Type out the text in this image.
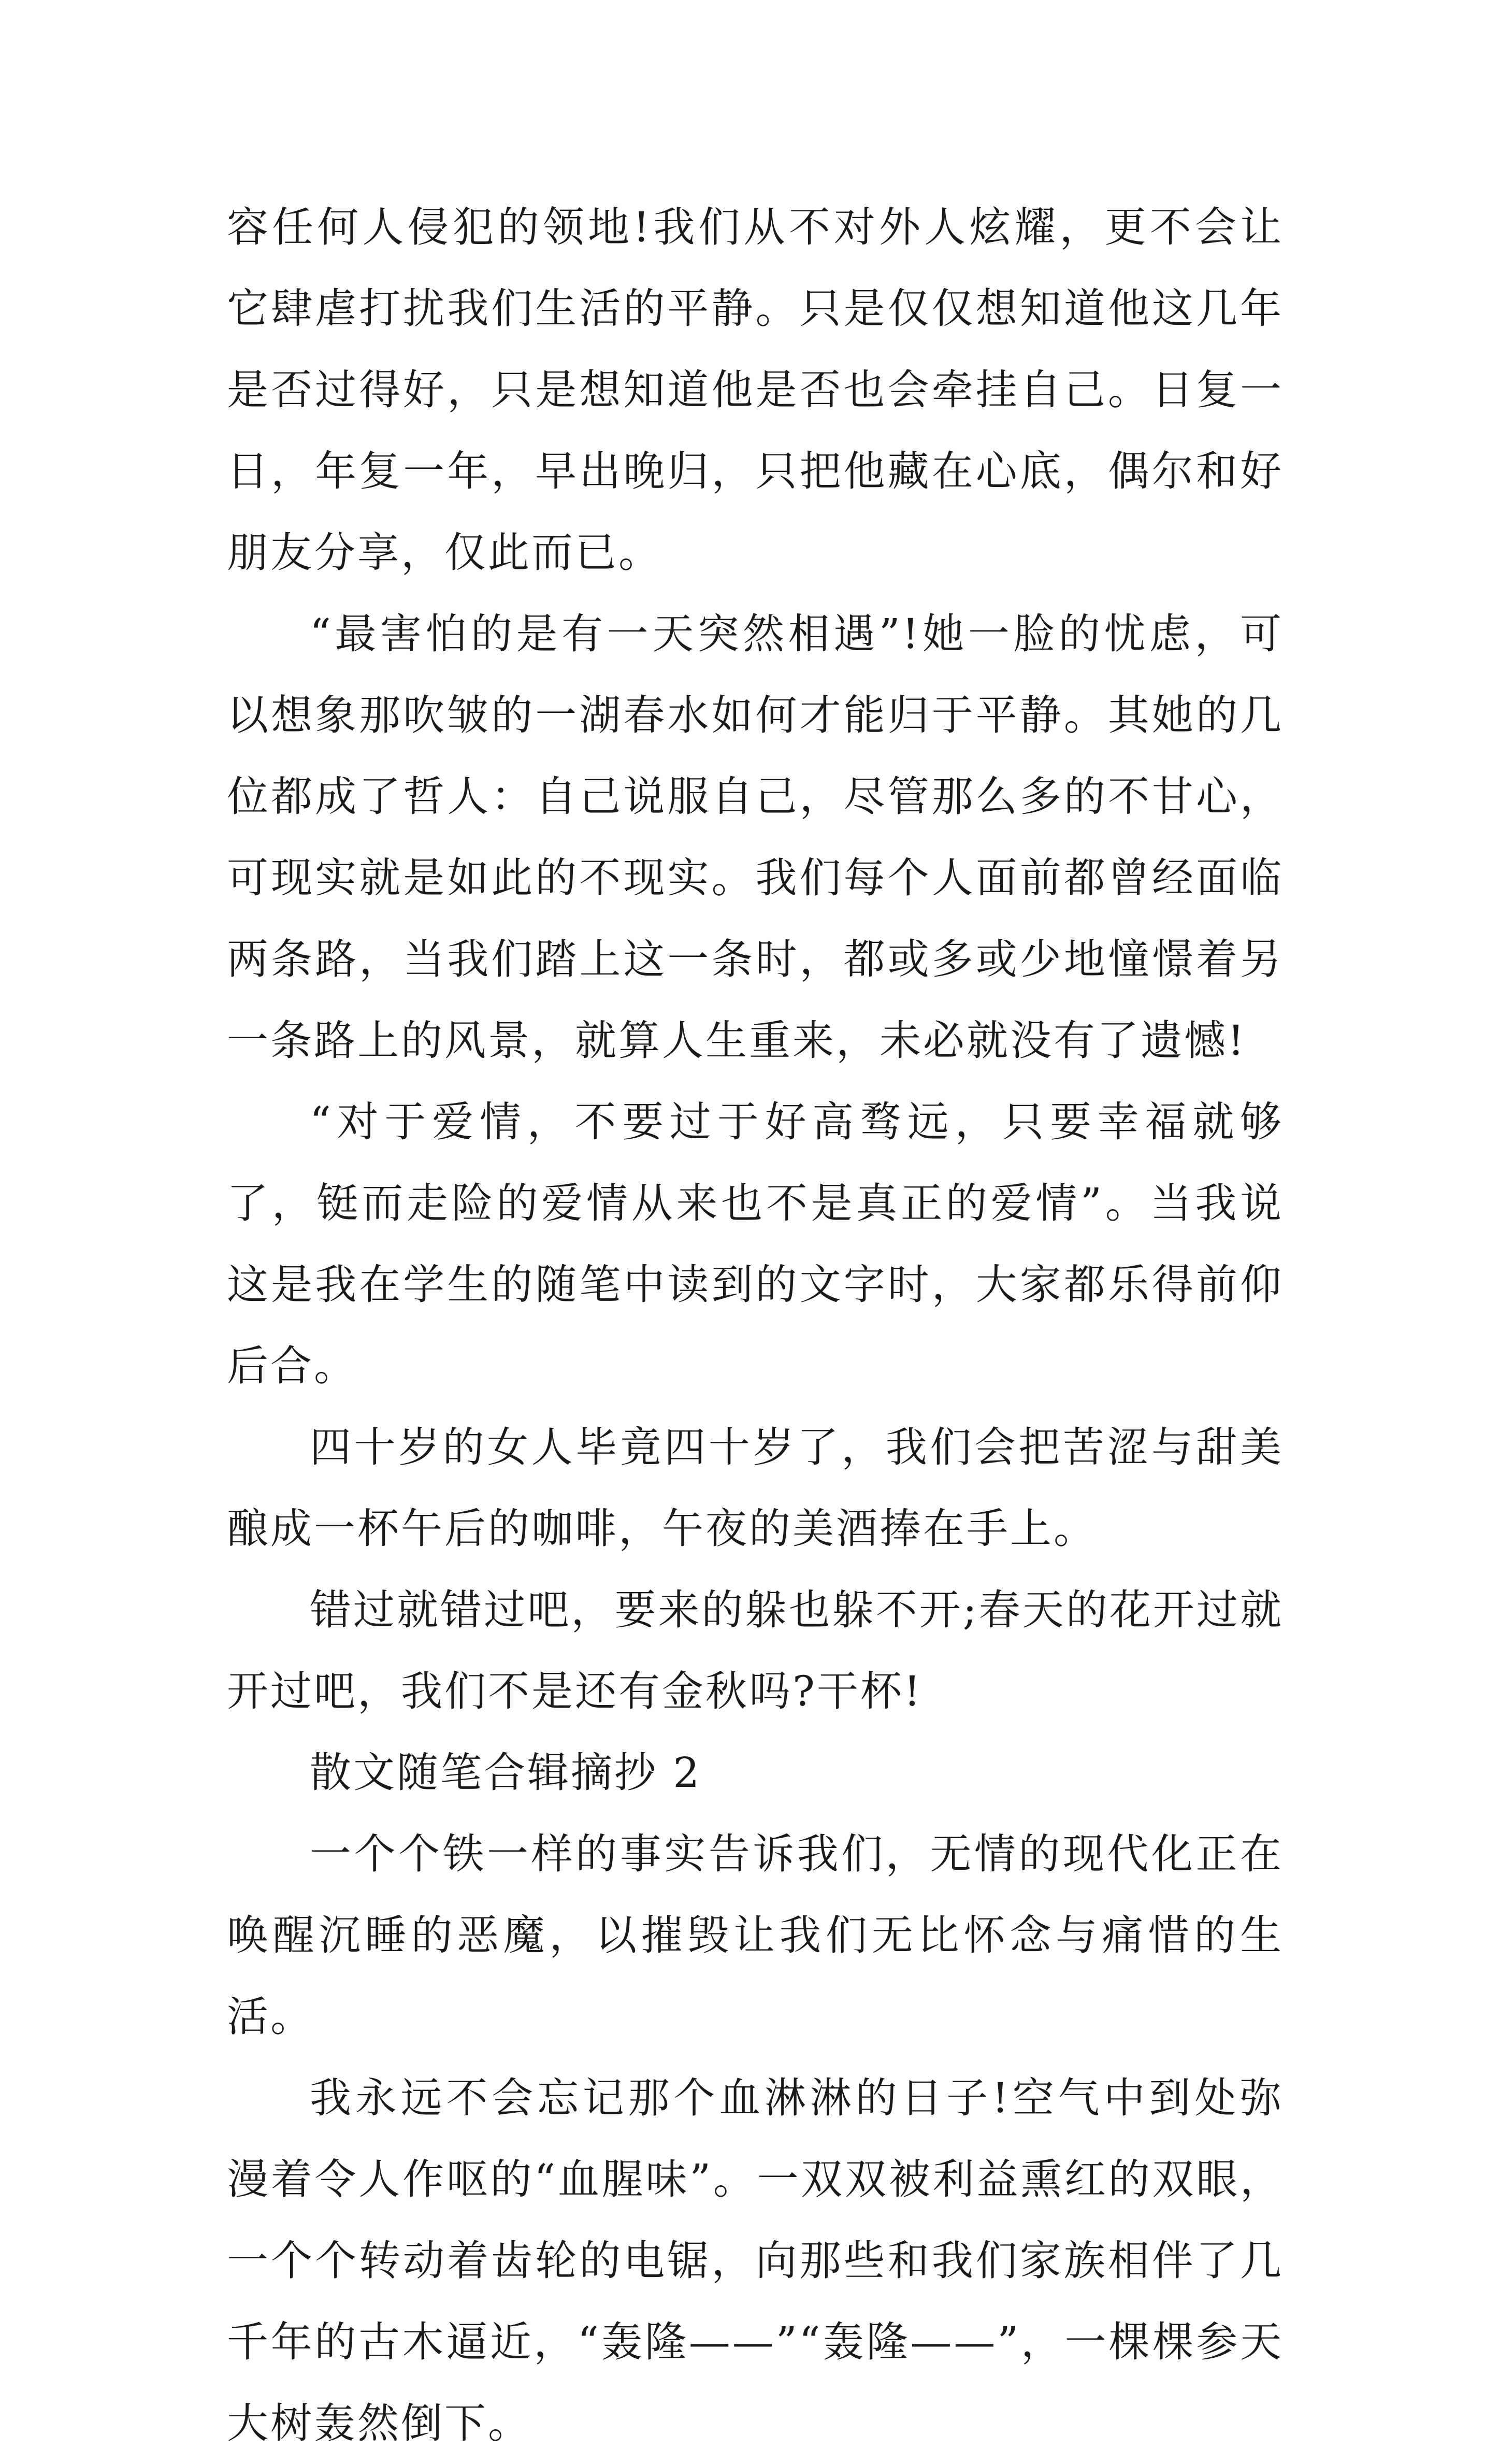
容任何人侵犯的领地!我们从不对外人炫耀，更不会让它肆虐打扰我们生活的平静。只是仅仅想知道他这几年是否过得好，只是想知道他是否也会牵挂自己。日复一日，年复一年，早出晚归，只把他藏在心底，偶尔和好朋友分享，仅此而已。

“最害怕的是有一天突然相遇”!她一脸的忧虑，可以想象那吹皱的一湖春水如何才能归于平静。其她的几位都成了哲人：自己说服自己，尽管那么多的不甘心，可现实就是如此的不现实。我们每个人面前都曾经面临两条路，当我们踏上这一条时，都或多或少地憧憬着另一条路上的风景，就算人生重来，未必就没有了遗憾!

“对于爱情，不要过于好高骛远，只要幸福就够了，铤而走险的爱情从来也不是真正的爱情”。当我说这是我在学生的随笔中读到的文字时，大家都乐得前仰后合。

四十岁的女人毕竟四十岁了，我们会把苦涩与甜美酿成一杯午后的咖啡，午夜的美酒捧在手上。

错过就错过吧，要来的躲也躲不开;春天的花开过就开过吧，我们不是还有金秋吗?干杯!

散文随笔合辑摘抄 2

一个个铁一样的事实告诉我们，无情的现代化正在唤醒沉睡的恶魔，以摧毁让我们无比怀念与痛惜的生活。

我永远不会忘记那个血淋淋的日子!空气中到处弥漫着令人作呕的“血腥味”。一双双被利益熏红的双眼，一个个转动着齿轮的电锯，向那些和我们家族相伴了几千年的古木逼近，“轰隆——”“轰隆——”，一棵棵参天大树轰然倒下。
